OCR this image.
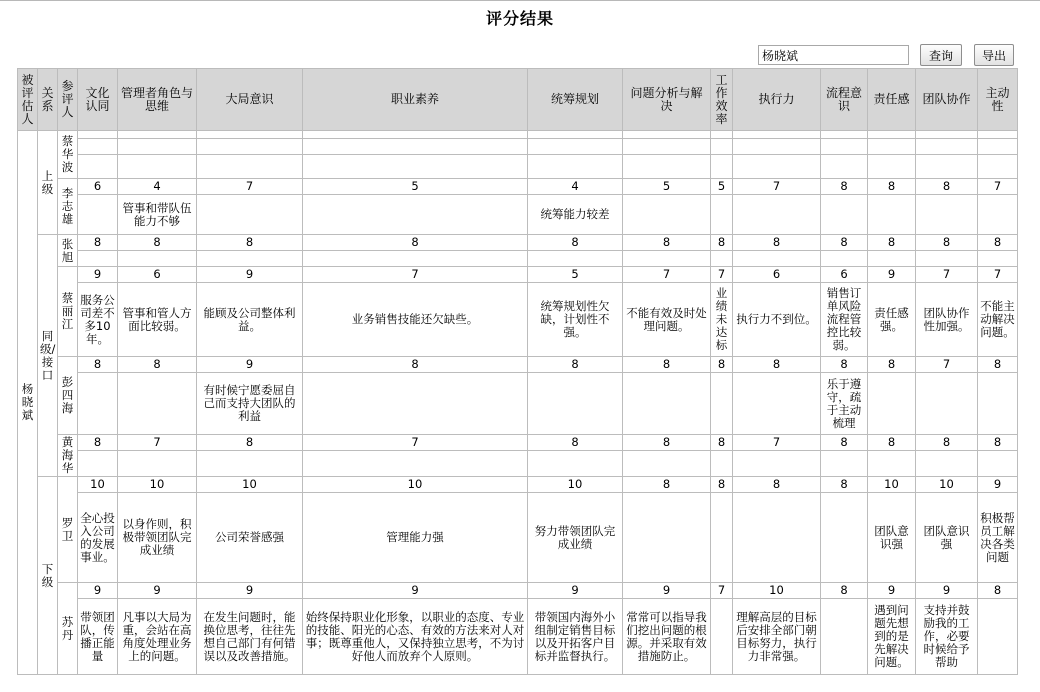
评分结果
杨晓斌
查询	导出
被评估人	关系	参评人	文化认同	管理者角色与思维	大局意识	职业素养	统筹规划	问题分析与解决	工作效率	执行力	流程意识	责任感	团队协作	主动性
杨晓斌	上级	蔡华波												

		李志雄	6	4	7	5	4	5	5	7	8	8	8	7
				管事和带队伍能力不够			统筹能力较差							
	同级/接口	张旭	8	8	8	8	8	8	8	8	8	8	8	8

		蔡丽江	9	6	9	7	5	7	7	6	6	9	7	7
			服务公司差不多10年。	管事和管人方面比较弱。	能顾及公司整体利益。	业务销售技能还欠缺些。	统筹规划性欠缺，计划性不强。	不能有效及时处理问题。	业绩未达标	执行力不到位。	销售订单风险流程管控比较弱。	责任感强。	团队协作性加强。	不能主动解决问题。
		彭四海	8	8	9	8	8	8	8	8	8	8	7	8
					有时候宁愿委屈自己而支持大团队的利益						乐于遵守，疏于主动梳理			
		黄海华	8	7	8	7	8	8	8	7	8	8	8	8

	下级	罗卫	10	10	10	10	10	8	8	8	8	10	10	9
			全心投入公司的发展事业。	以身作则，积极带领团队完成业绩	公司荣誉感强	管理能力强	努力带领团队完成业绩					团队意识强	团队意识强	积极帮员工解决各类问题
		苏丹	9	9	9	9	9	9	7	10	8	9	9	8
			带领团队，传播正能量	凡事以大局为重，会站在高角度处理业务上的问题。	在发生问题时，能换位思考，往往先想自己部门有何错误以及改善措施。	始终保持职业化形象，以职业的态度、专业的技能、阳光的心态、有效的方法来对人对事；既尊重他人，又保持独立思考，不为讨好他人而放弃个人原则。	带领国内海外小组制定销售目标以及开拓客户目标并监督执行。	常常可以指导我们挖出问题的根源。并采取有效措施防止。		理解高层的目标后安排全部门朝目标努力，执行力非常强。		遇到问题先想到的是先解决问题。	支持并鼓励我的工作，必要时候给予帮助	
